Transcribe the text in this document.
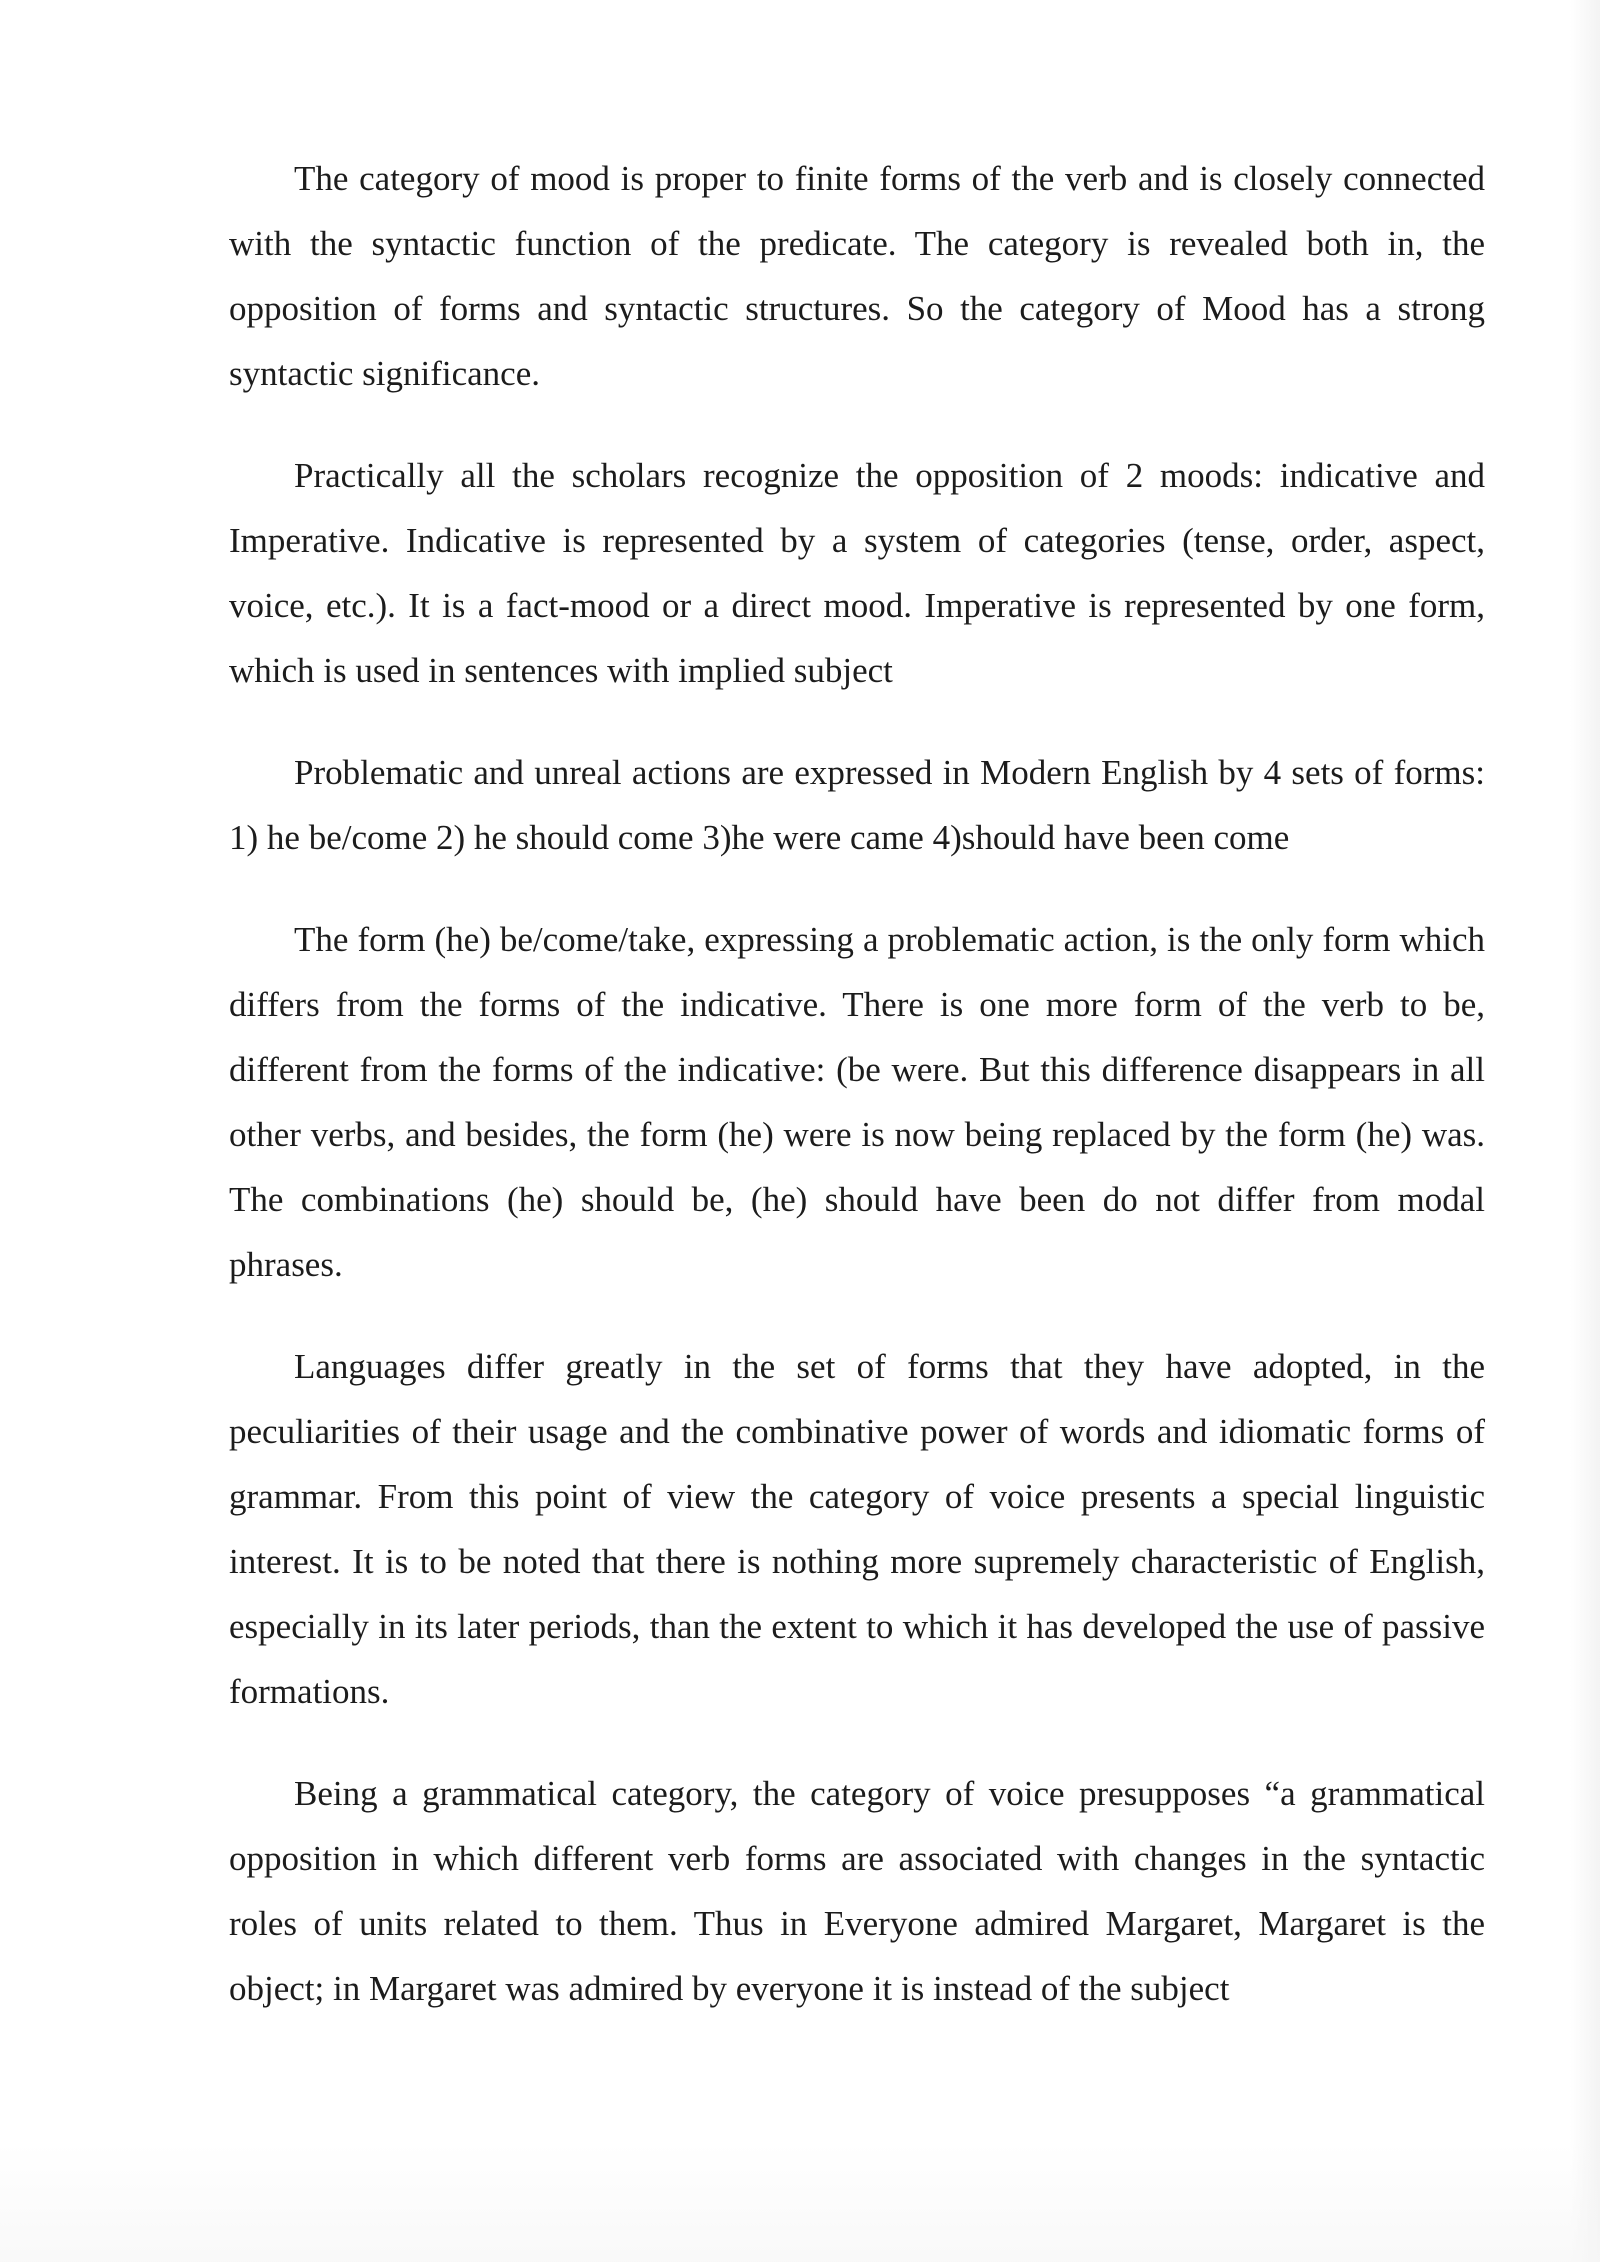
The category of mood is proper to finite forms of the verb and is closely connected with the syntactic function of the predicate. The category is revealed both in, the opposition of forms and syntactic structures. So the category of Mood has a strong syntactic significance.

Practically all the scholars recognize the opposition of 2 moods: indicative and Imperative. Indicative is represented by a system of categories (tense, order, aspect, voice, etc.). It is a fact-mood or a direct mood. Imperative is represented by one form, which is used in sentences with implied subject

Problematic and unreal actions are expressed in Modern English by 4 sets of forms: 1) he be/come 2) he should come 3)he were came 4)should have been come

The form (he) be/come/take, expressing a problematic action, is the only form which differs from the forms of the indicative. There is one more form of the verb to be, different from the forms of the indicative: (be were. But this difference disappears in all other verbs, and besides, the form (he) were is now being replaced by the form (he) was. The combinations (he) should be, (he) should have been do not differ from modal phrases.

Languages differ greatly in the set of forms that they have adopted, in the peculiarities of their usage and the combinative power of words and idiomatic forms of grammar. From this point of view the category of voice presents a special linguistic interest. It is to be noted that there is nothing more supremely characteristic of English, especially in its later periods, than the extent to which it has developed the use of passive formations.

Being a grammatical category, the category of voice presupposes “a grammatical opposition in which different verb forms are associated with changes in the syntactic roles of units related to them. Thus in Everyone admired Margaret, Margaret is the object; in Margaret was admired by everyone it is instead of the subject
